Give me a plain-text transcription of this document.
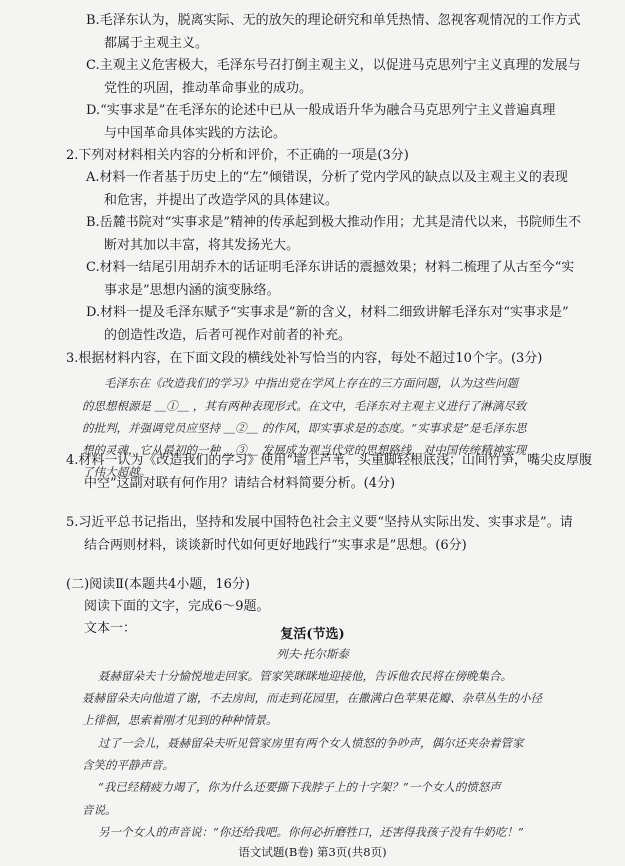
B.毛泽东认为，脱离实际、无的放矢的理论研究和单凭热情、忽视客观情况的工作方式
都属于主观主义。
C.主观主义危害极大，毛泽东号召打倒主观主义，以促进马克思列宁主义真理的发展与
党性的巩固，推动革命事业的成功。
D.“实事求是”在毛泽东的论述中已从一般成语升华为融合马克思列宁主义普遍真理
与中国革命具体实践的方法论。
2.下列对材料相关内容的分析和评价，不正确的一项是(3分)
A.材料一作者基于历史上的“左”倾错误，分析了党内学风的缺点以及主观主义的表现
和危害，并提出了改造学风的具体建议。
B.岳麓书院对“实事求是”精神的传承起到极大推动作用；尤其是清代以来，书院师生不
断对其加以丰富，将其发扬光大。
C.材料一结尾引用胡乔木的话证明毛泽东讲话的震撼效果；材料二梳理了从古至今“实
事求是”思想内涵的演变脉络。
D.材料一提及毛泽东赋予“实事求是”新的含义，材料二细致讲解毛泽东对“实事求是”
的创造性改造，后者可视作对前者的补充。
3.根据材料内容，在下面文段的横线处补写恰当的内容，每处不超过10个字。(3分)
4.材料一认为《改造我们的学习》使用“墙上芦苇，头重脚轻根底浅；山间竹笋，嘴尖皮厚腹
中空”这副对联有何作用？请结合材料简要分析。(4分)
5.习近平总书记指出，坚持和发展中国特色社会主义要“坚持从实际出发、实事求是”。请
结合两则材料，谈谈新时代如何更好地践行“实事求是”思想。(6分)
(二)阅读Ⅱ(本题共4小题，16分)
阅读下面的文字，完成6～9题。
文本一：
毛泽东在《改造我们的学习》中指出党在学风上存在的三方面问题，认为这些问题
的思想根源是 ＿①＿ ，其有两种表现形式。在文中，毛泽东对主观主义进行了淋漓尽致
的批判，并强调党员应坚持 ＿②＿ 的作风，即实事求是的态度。“实事求是”是毛泽东思
想的灵魂，它从最初的一种 ＿③＿ 发展成为观当代党的思想路线，对中国传统精神实现
了伟大超越。
聂赫留朵夫十分愉悦地走回家。管家笑眯眯地迎接他，告诉他农民将在傍晚集合。
聂赫留朵夫向他道了谢，不去房间，而走到花园里，在撒满白色苹果花瓣、杂草丛生的小径
上徘徊，思索着刚才见到的种种情景。
过了一会儿，聂赫留朵夫听见管家房里有两个女人愤怒的争吵声，偶尔还夹杂着管家
含笑的平静声音。
“我已经精疲力竭了，你为什么还要撕下我脖子上的十字架？”一个女人的愤怒声
音说。
另一个女人的声音说：“你还给我吧。你何必折磨牲口，还害得我孩子没有牛奶吃！”
列夫·托尔斯泰
复活(节选)
语文试题(B卷) 第3页(共8页)
